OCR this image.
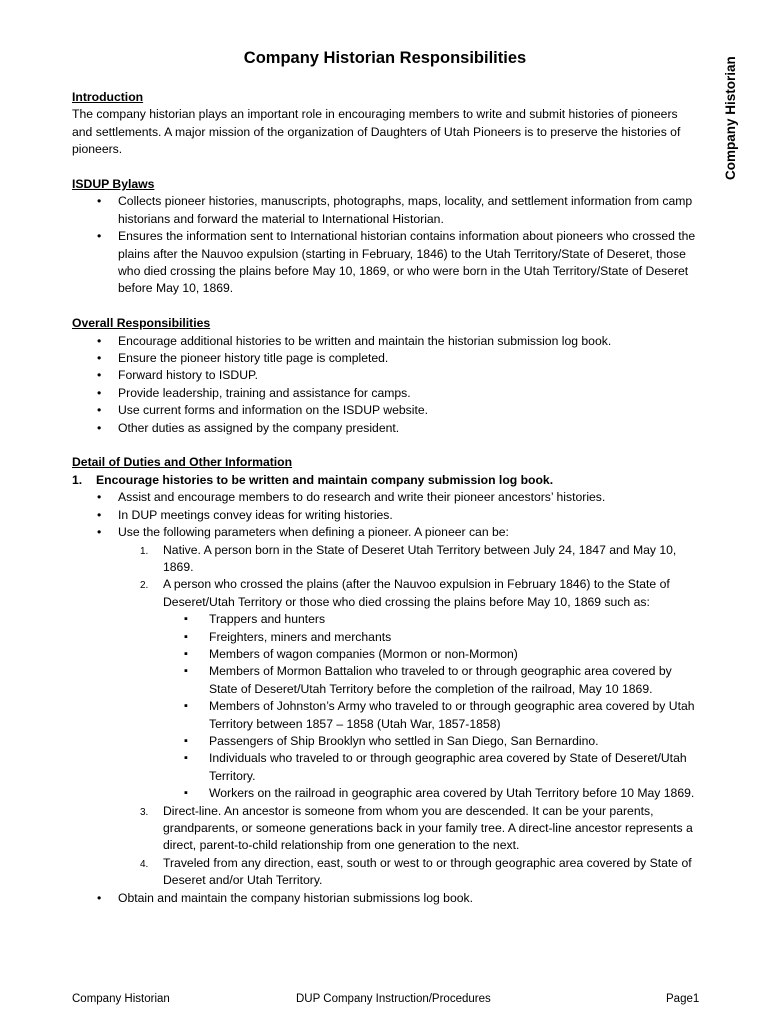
Company Historian
Company Historian Responsibilities

Introduction

The company historian plays an important role in encouraging members to write and submit histories of pioneers and settlements. A major mission of the organization of Daughters of Utah Pioneers is to preserve the histories of pioneers.

ISDUP Bylaws

• Collects pioneer histories, manuscripts, photographs, maps, locality, and settlement information from camp historians and forward the material to International Historian.
• Ensures the information sent to International historian contains information about pioneers who crossed the plains after the Nauvoo expulsion (starting in February, 1846) to the Utah Territory/State of Deseret, those who died crossing the plains before May 10, 1869, or who were born in the Utah Territory/State of Deseret before May 10, 1869.

Overall Responsibilities

• Encourage additional histories to be written and maintain the historian submission log book.
• Ensure the pioneer history title page is completed.
• Forward history to ISDUP.
• Provide leadership, training and assistance for camps.
• Use current forms and information on the ISDUP website.
• Other duties as assigned by the company president.

Detail of Duties and Other Information

1. Encourage histories to be written and maintain company submission log book.
• Assist and encourage members to do research and write their pioneer ancestors’ histories.
• In DUP meetings convey ideas for writing histories.
• Use the following parameters when defining a pioneer. A pioneer can be:
1. Native. A person born in the State of Deseret Utah Territory between July 24, 1847 and May 10, 1869.
2. A person who crossed the plains (after the Nauvoo expulsion in February 1846) to the State of Deseret/Utah Territory or those who died crossing the plains before May 10, 1869 such as:
▪ Trappers and hunters
▪ Freighters, miners and merchants
▪ Members of wagon companies (Mormon or non-Mormon)
▪ Members of Mormon Battalion who traveled to or through geographic area covered by State of Deseret/Utah Territory before the completion of the railroad, May 10 1869.
▪ Members of Johnston’s Army who traveled to or through geographic area covered by Utah Territory between 1857 – 1858 (Utah War, 1857-1858)
▪ Passengers of Ship Brooklyn who settled in San Diego, San Bernardino.
▪ Individuals who traveled to or through geographic area covered by State of Deseret/Utah Territory.
▪ Workers on the railroad in geographic area covered by Utah Territory before 10 May 1869.
3. Direct-line. An ancestor is someone from whom you are descended. It can be your parents, grandparents, or someone generations back in your family tree. A direct-line ancestor represents a direct, parent-to-child relationship from one generation to the next.
4. Traveled from any direction, east, south or west to or through geographic area covered by State of Deseret and/or Utah Territory.
• Obtain and maintain the company historian submissions log book.
Company Historian	DUP Company Instruction/Procedures	Page1
